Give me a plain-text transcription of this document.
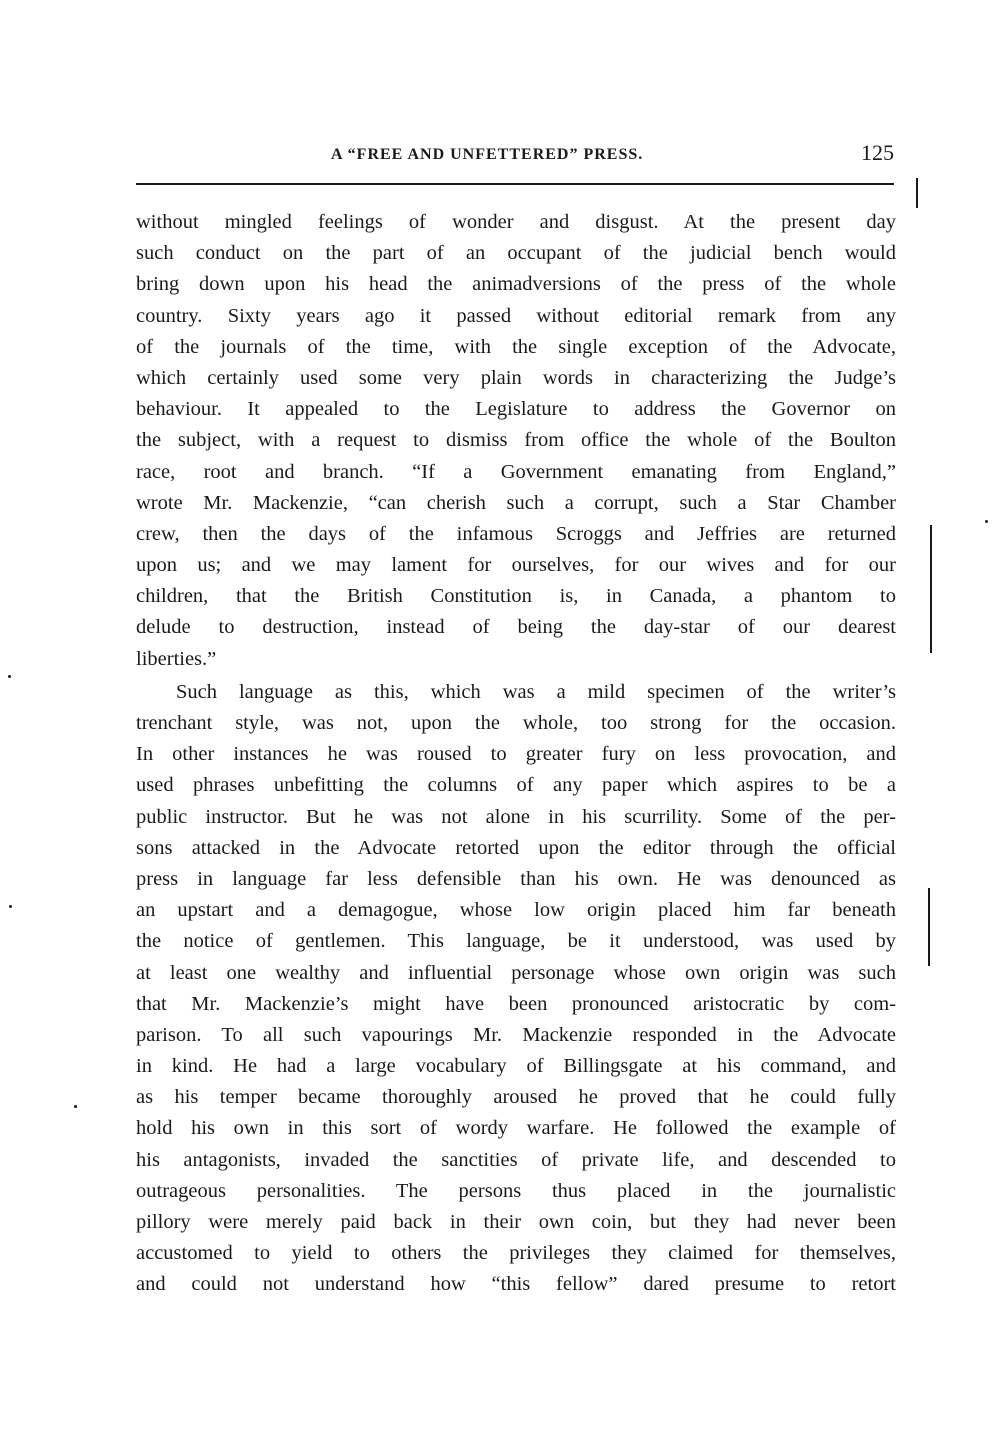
A “FREE AND UNFETTERED” PRESS.	125
without mingled feelings of wonder and disgust. At the present day
such conduct on the part of an occupant of the judicial bench would
bring down upon his head the animadversions of the press of the whole
country. Sixty years ago it passed without editorial remark from any
of the journals of the time, with the single exception of the Advocate,
which certainly used some very plain words in characterizing the Judge’s
behaviour. It appealed to the Legislature to address the Governor on
the subject, with a request to dismiss from office the whole of the Boulton
race, root and branch. “If a Government emanating from England,”
wrote Mr. Mackenzie, “can cherish such a corrupt, such a Star Chamber
crew, then the days of the infamous Scroggs and Jeffries are returned
upon us; and we may lament for ourselves, for our wives and for our
children, that the British Constitution is, in Canada, a phantom to
delude to destruction, instead of being the day-star of our dearest
liberties.”
Such language as this, which was a mild specimen of the writer’s
trenchant style, was not, upon the whole, too strong for the occasion.
In other instances he was roused to greater fury on less provocation, and
used phrases unbefitting the columns of any paper which aspires to be a
public instructor. But he was not alone in his scurrility. Some of the per-
sons attacked in the Advocate retorted upon the editor through the official
press in language far less defensible than his own. He was denounced as
an upstart and a demagogue, whose low origin placed him far beneath
the notice of gentlemen. This language, be it understood, was used by
at least one wealthy and influential personage whose own origin was such
that Mr. Mackenzie’s might have been pronounced aristocratic by com-
parison. To all such vapourings Mr. Mackenzie responded in the Advocate
in kind. He had a large vocabulary of Billingsgate at his command, and
as his temper became thoroughly aroused he proved that he could fully
hold his own in this sort of wordy warfare. He followed the example of
his antagonists, invaded the sanctities of private life, and descended to
outrageous personalities. The persons thus placed in the journalistic
pillory were merely paid back in their own coin, but they had never been
accustomed to yield to others the privileges they claimed for themselves,
and could not understand how “this fellow” dared presume to retort
